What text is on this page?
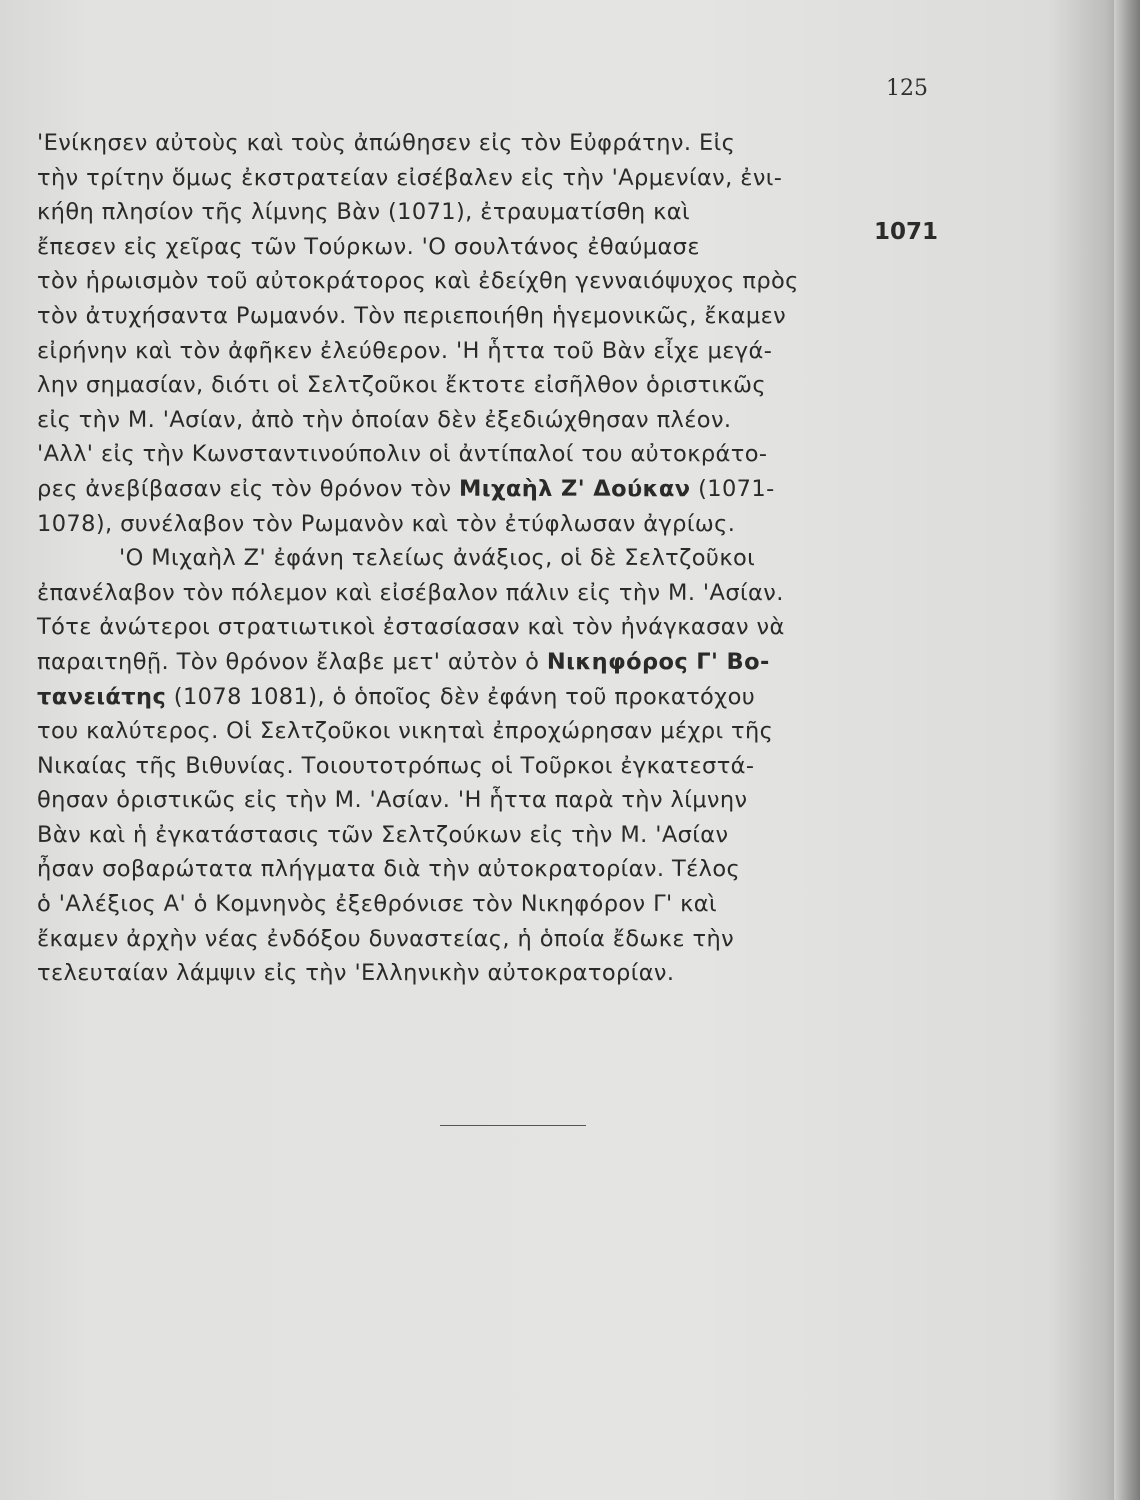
125
1071
'Ενίκησεν αὐτοὺς καὶ τοὺς ἀπώθησεν εἰς τὸν Εὐφράτην. Εἰς
τὴν τρίτην ὅμως ἐκστρατείαν εἰσέβαλεν εἰς τὴν 'Αρμενίαν, ἐνι-
κήθη πλησίον τῆς λίμνης Βὰν (1071), ἐτραυματίσθη καὶ
ἔπεσεν εἰς χεῖρας τῶν Τούρκων. 'Ο σουλτάνος ἐθαύμασε
τὸν ἡρωισμὸν τοῦ αὐτοκράτορος καὶ ἐδείχθη γενναιόψυχος πρὸς
τὸν ἀτυχήσαντα Ρωμανόν. Τὸν περιεποιήθη ἡγεμονικῶς, ἔκαμεν
εἰρήνην καὶ τὸν ἀφῆκεν ἐλεύθερον. 'Η ἧττα τοῦ Βὰν εἶχε μεγά-
λην σημασίαν, διότι οἱ Σελτζοῦκοι ἔκτοτε εἰσῆλθον ὁριστικῶς
εἰς τὴν Μ. 'Ασίαν, ἀπὸ τὴν ὁποίαν δὲν ἐξεδιώχθησαν πλέον.
'Αλλ' εἰς τὴν Κωνσταντινούπολιν οἱ ἀντίπαλοί του αὐτοκράτο-
ρες ἀνεβίβασαν εἰς τὸν θρόνον τὸν Μιχαὴλ Ζ' Δούκαν (1071-
1078), συνέλαβον τὸν Ρωμανὸν καὶ τὸν ἐτύφλωσαν ἀγρίως.
'Ο Μιχαὴλ Ζ' ἐφάνη τελείως ἀνάξιος, οἱ δὲ Σελτζοῦκοι
ἐπανέλαβον τὸν πόλεμον καὶ εἰσέβαλον πάλιν εἰς τὴν Μ. 'Ασίαν.
Τότε ἀνώτεροι στρατιωτικοὶ ἐστασίασαν καὶ τὸν ἠνάγκασαν νὰ
παραιτηθῇ. Τὸν θρόνον ἔλαβε μετ' αὐτὸν ὁ Νικηφόρος Γ' Βο-
τανειάτης (1078 1081), ὁ ὁποῖος δὲν ἐφάνη τοῦ προκατόχου
του καλύτερος. Οἱ Σελτζοῦκοι νικηταὶ ἐπροχώρησαν μέχρι τῆς
Νικαίας τῆς Βιθυνίας. Τοιουτοτρόπως οἱ Τοῦρκοι ἐγκατεστά-
θησαν ὁριστικῶς εἰς τὴν Μ. 'Ασίαν. 'Η ἧττα παρὰ τὴν λίμνην
Βὰν καὶ ἡ ἐγκατάστασις τῶν Σελτζούκων εἰς τὴν Μ. 'Ασίαν
ἦσαν σοβαρώτατα πλήγματα διὰ τὴν αὐτοκρατορίαν. Τέλος
ὁ 'Αλέξιος Α' ὁ Κομνηνὸς ἐξεθρόνισε τὸν Νικηφόρον Γ' καὶ
ἔκαμεν ἀρχὴν νέας ἐνδόξου δυναστείας, ἡ ὁποία ἔδωκε τὴν
τελευταίαν λάμψιν εἰς τὴν 'Ελληνικὴν αὐτοκρατορίαν.
